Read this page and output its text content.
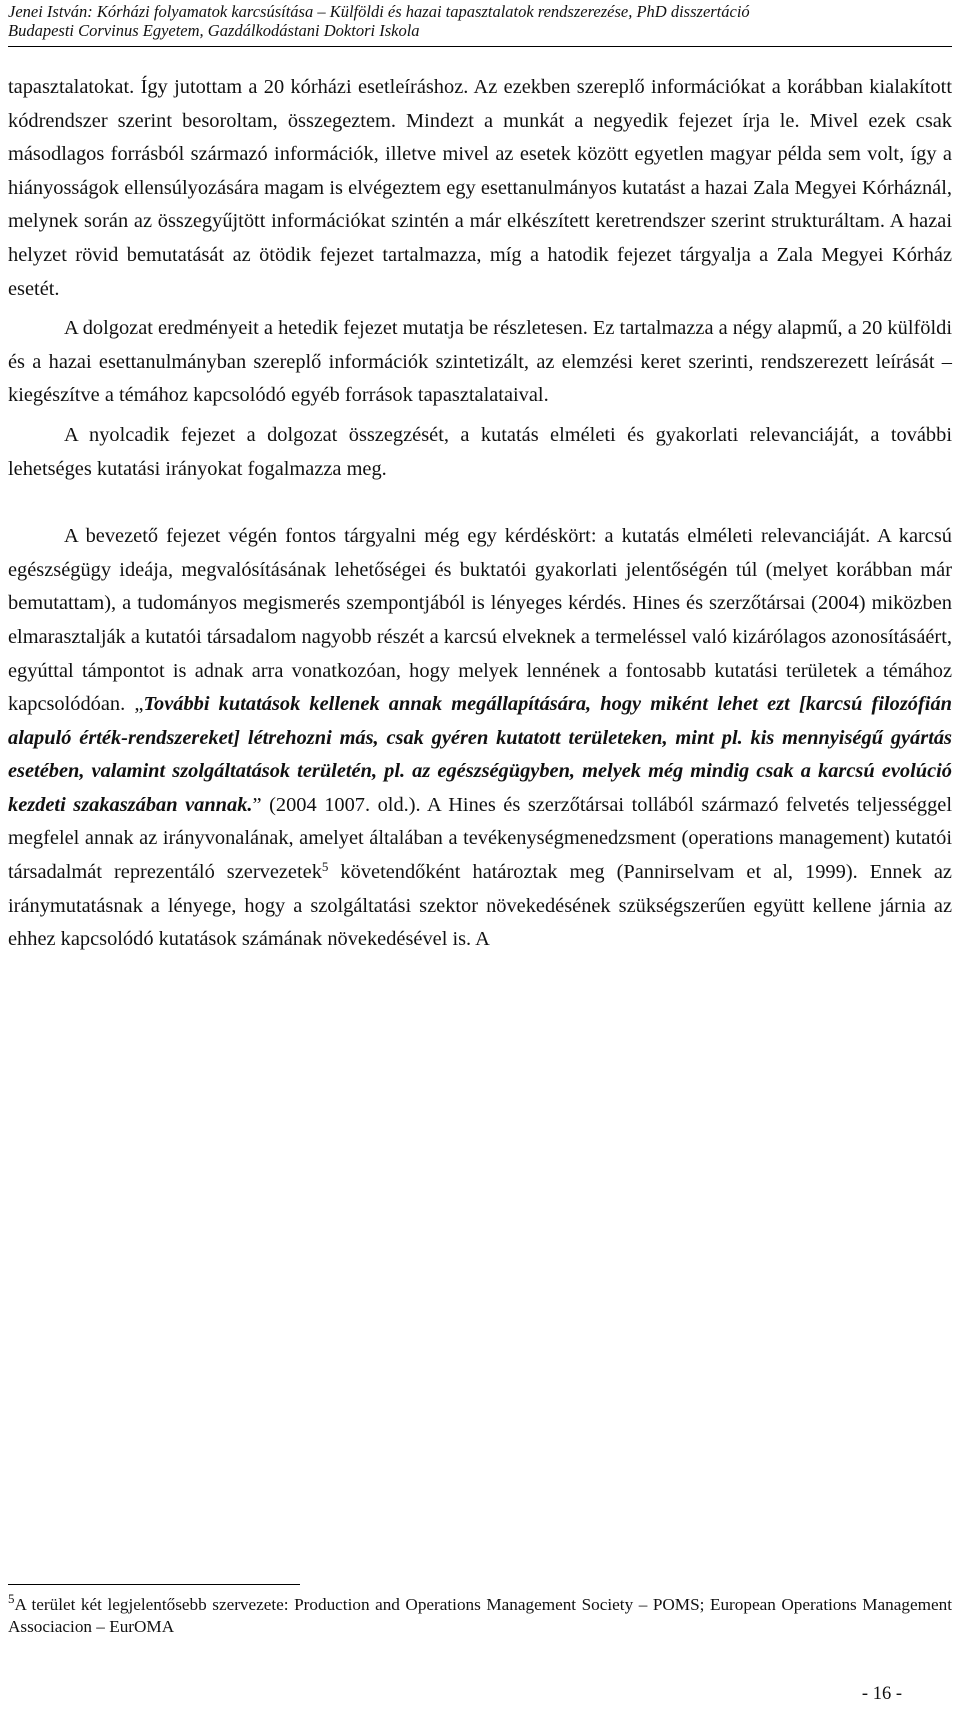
Jenei István: Kórházi folyamatok karcsúsítása – Külföldi és hazai tapasztalatok rendszerezése, PhD disszertáció
Budapesti Corvinus Egyetem, Gazdálkodástani Doktori Iskola

tapasztalatokat. Így jutottam a 20 kórházi esetleíráshoz. Az ezekben szereplő információkat a korábban kialakított kódrendszer szerint besoroltam, összegeztem. Mindezt a munkát a negyedik fejezet írja le. Mivel ezek csak másodlagos forrásból származó információk, illetve mivel az esetek között egyetlen magyar példa sem volt, így a hiányosságok ellensúlyozására magam is elvégeztem egy esettanulmányos kutatást a hazai Zala Megyei Kórháznál, melynek során az összegyűjtött információkat szintén a már elkészített keretrendszer szerint strukturáltam. A hazai helyzet rövid bemutatását az ötödik fejezet tartalmazza, míg a hatodik fejezet tárgyalja a Zala Megyei Kórház esetét.

A dolgozat eredményeit a hetedik fejezet mutatja be részletesen. Ez tartalmazza a négy alapmű, a 20 külföldi és a hazai esettanulmányban szereplő információk szintetizált, az elemzési keret szerinti, rendszerezett leírását – kiegészítve a témához kapcsolódó egyéb források tapasztalataival.

A nyolcadik fejezet a dolgozat összegzését, a kutatás elméleti és gyakorlati relevanciáját, a további lehetséges kutatási irányokat fogalmazza meg.

A bevezető fejezet végén fontos tárgyalni még egy kérdéskört: a kutatás elméleti relevanciáját. A karcsú egészségügy ideája, megvalósításának lehetőségei és buktatói gyakorlati jelentőségén túl (melyet korábban már bemutattam), a tudományos megismerés szempontjából is lényeges kérdés. Hines és szerzőtársai (2004) miközben elmarasztalják a kutatói társadalom nagyobb részét a karcsú elveknek a termeléssel való kizárólagos azonosításáért, egyúttal támpontot is adnak arra vonatkozóan, hogy melyek lennének a fontosabb kutatási területek a témához kapcsolódóan. „További kutatások kellenek annak megállapítására, hogy miként lehet ezt [karcsú filozófián alapuló érték-rendszereket] létrehozni más, csak gyéren kutatott területeken, mint pl. kis mennyiségű gyártás esetében, valamint szolgáltatások területén, pl. az egészségügyben, melyek még mindig csak a karcsú evolúció kezdeti szakaszában vannak.” (2004 1007. old.). A Hines és szerzőtársai tollából származó felvetés teljességgel megfelel annak az irányvonalának, amelyet általában a tevékenységmenedzsment (operations management) kutatói társadalmát reprezentáló szervezetek$^5$ követendőként határoztak meg (Pannirselvam et al, 1999). Ennek az iránymutatásnak a lényege, hogy a szolgáltatási szektor növekedésének szükségszerűen együtt kellene járnia az ehhez kapcsolódó kutatások számának növekedésével is. A

$^5$A terület két legjelentősebb szervezete: Production and Operations Management Society – POMS; European Operations Management Associacion – EurOMA

- 16 -
